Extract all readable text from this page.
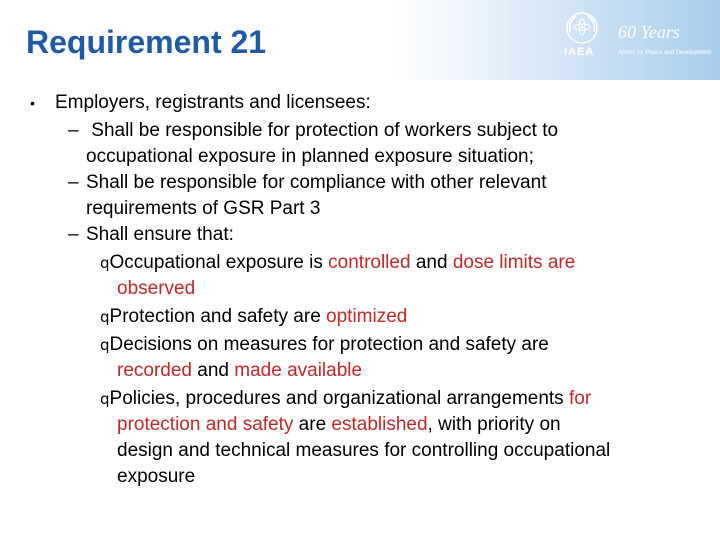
Requirement 21	IAEA
60 Years
Atoms for Peace and Development
• Employers, registrants and licensees:
– Shall be responsible for protection of workers subject to
occupational exposure in planned exposure situation;
– Shall be responsible for compliance with other relevant
requirements of GSR Part 3
– Shall ensure that:
qOccupational exposure is controlled and dose limits are
observed
qProtection and safety are optimized
qDecisions on measures for protection and safety are
recorded and made available
qPolicies, procedures and organizational arrangements for
protection and safety are established, with priority on
design and technical measures for controlling occupational
exposure
